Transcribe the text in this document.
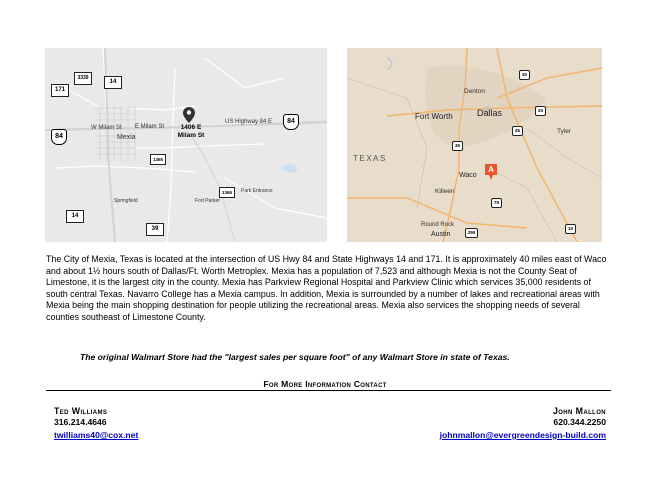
W Milam St E Milam St
US Highway 84 E
Mexia
Springfield	Fort Parker
Park Entrance
1406 E
Milam St
3339
14
171
84
84
1365
1365
14
39
Denton
Dallas
Fort Worth
Tyler
TEXAS
Waco
Killeen
Round Rock
Austin
A
35
45
20
30
79
290
10
The City of Mexia, Texas is located at the intersection of US Hwy 84 and State Highways 14 and 171. It is approximately 40 miles east of Waco and about 1½ hours south of Dallas/Ft. Worth Metroplex. Mexia has a population of 7,523 and although Mexia is not the County Seat of Limestone, it is the largest city in the county. Mexia has Parkview Regional Hospital and Parkview Clinic which services 35,000 residents of south central Texas. Navarro College has a Mexia campus. In addition, Mexia is surrounded by a number of lakes and recreational areas with Mexia being the main shopping destination for people utilizing the recreational areas. Mexia also services the shopping needs of several counties southeast of Limestone County.
The original Walmart Store had the "largest sales per square foot" of any Walmart Store in state of Texas.
For More Information Contact
Ted Williams
316.214.4646
twilliams40@cox.net
John Mallon
620.344.2250
johnmallon@evergreendesign-build.com
